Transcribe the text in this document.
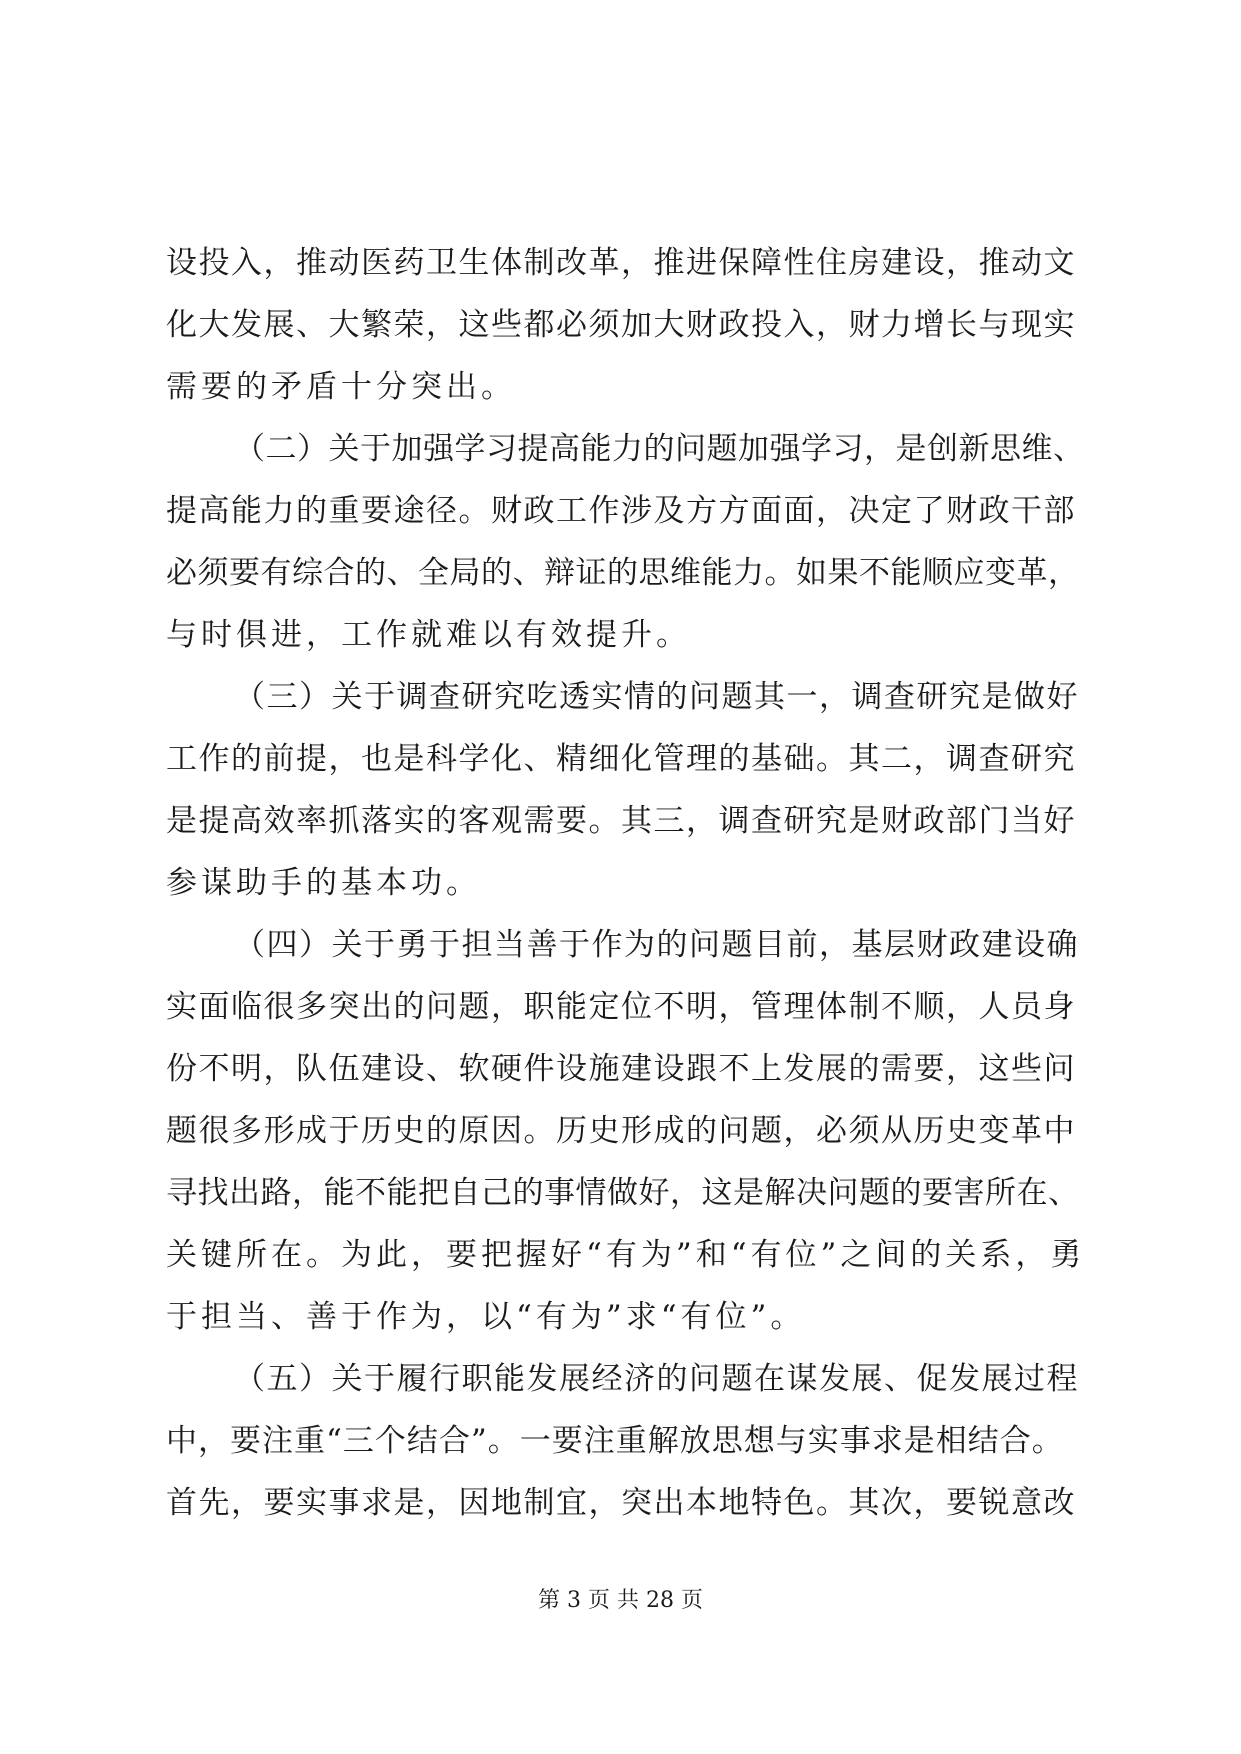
设投入，推动医药卫生体制改革，推进保障性住房建设，推动文
化大发展、大繁荣，这些都必须加大财政投入，财力增长与现实
需要的矛盾十分突出。
（二）关于加强学习提高能力的问题加强学习，是创新思维、
提高能力的重要途径。财政工作涉及方方面面，决定了财政干部
必须要有综合的、全局的、辩证的思维能力。如果不能顺应变革，
与时俱进，工作就难以有效提升。
（三）关于调查研究吃透实情的问题其一，调查研究是做好
工作的前提，也是科学化、精细化管理的基础。其二，调查研究
是提高效率抓落实的客观需要。其三，调查研究是财政部门当好
参谋助手的基本功。
（四）关于勇于担当善于作为的问题目前，基层财政建设确
实面临很多突出的问题，职能定位不明，管理体制不顺，人员身
份不明，队伍建设、软硬件设施建设跟不上发展的需要，这些问
题很多形成于历史的原因。历史形成的问题，必须从历史变革中
寻找出路，能不能把自己的事情做好，这是解决问题的要害所在、
关键所在。为此，要把握好“有为”和“有位”之间的关系，勇
于担当、善于作为，以“有为”求“有位”。
（五）关于履行职能发展经济的问题在谋发展、促发展过程
中，要注重“三个结合”。一要注重解放思想与实事求是相结合。
首先，要实事求是，因地制宜，突出本地特色。其次，要锐意改
第 3 页 共 28 页
